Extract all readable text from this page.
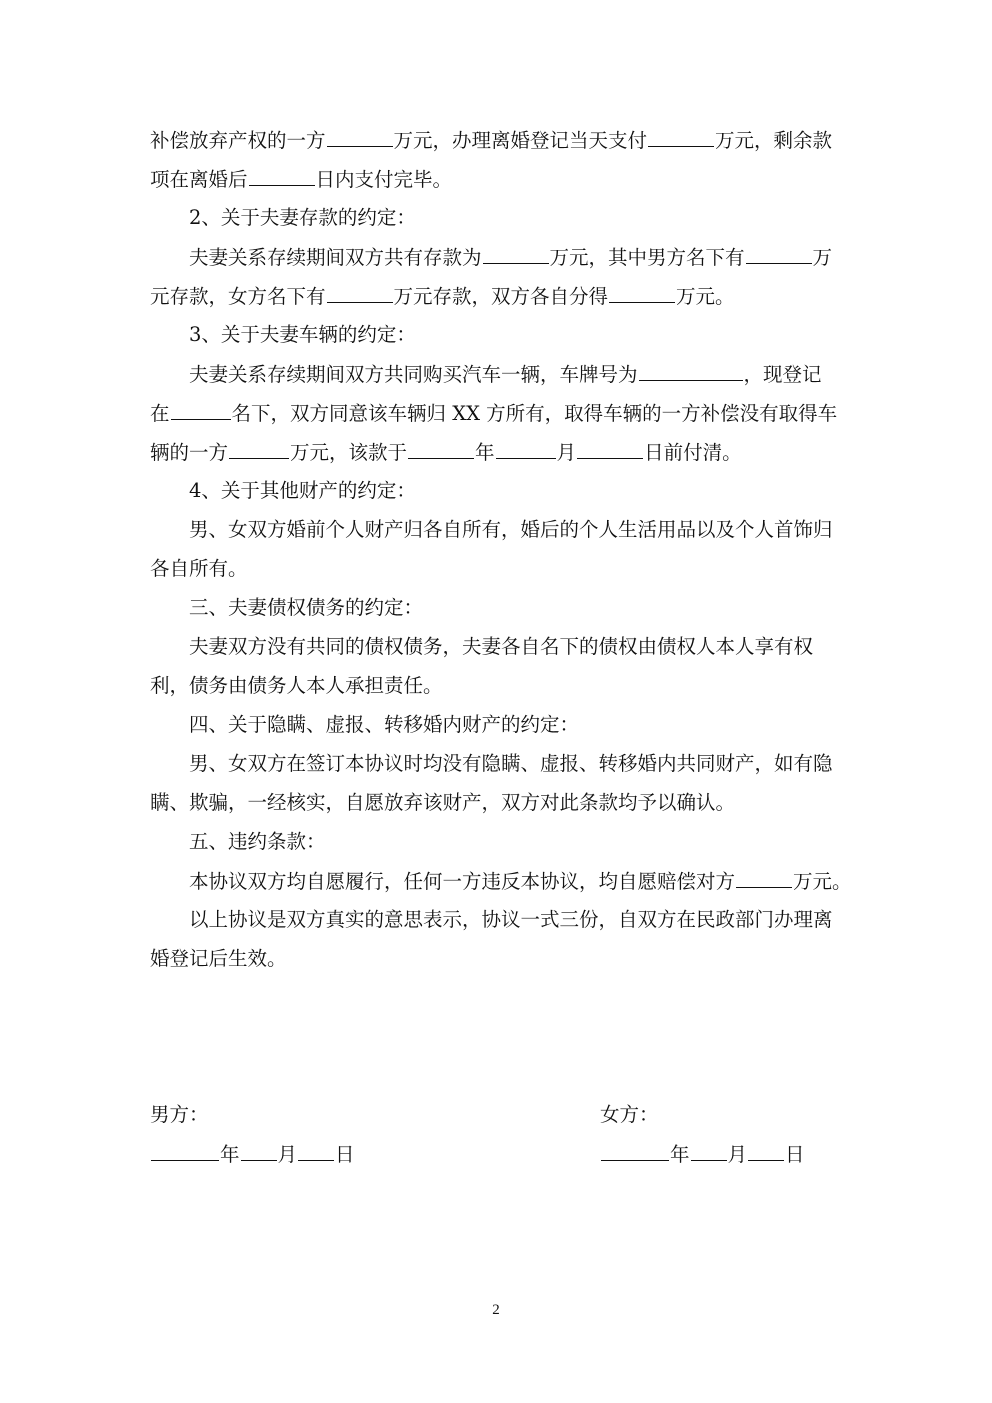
补偿放弃产权的一方	万元，办理离婚登记当天支付	万元，剩余款
项在离婚后	日内支付完毕。
2、关于夫妻存款的约定：
夫妻关系存续期间双方共有存款为	万元，其中男方名下有	万
元存款，女方名下有	万元存款，双方各自分得	万元。
3、关于夫妻车辆的约定：
夫妻关系存续期间双方共同购买汽车一辆，车牌号为	，现登记
在	名下，双方同意该车辆归 XX 方所有，取得车辆的一方补偿没有取得车
辆的一方	万元，该款于	年	月	日前付清。
4、关于其他财产的约定：
男、女双方婚前个人财产归各自所有，婚后的个人生活用品以及个人首饰归
各自所有。
三、夫妻债权债务的约定：
夫妻双方没有共同的债权债务，夫妻各自名下的债权由债权人本人享有权
利，债务由债务人本人承担责任。
四、关于隐瞒、虚报、转移婚内财产的约定：
男、女双方在签订本协议时均没有隐瞒、虚报、转移婚内共同财产，如有隐
瞒、欺骗，一经核实，自愿放弃该财产，双方对此条款均予以确认。
五、违约条款：
本协议双方均自愿履行，任何一方违反本协议，均自愿赔偿对方	万元。
以上协议是双方真实的意思表示，协议一式三份，自双方在民政部门办理离
婚登记后生效。
男方：
年 月 日
女方：
年 月 日
2
